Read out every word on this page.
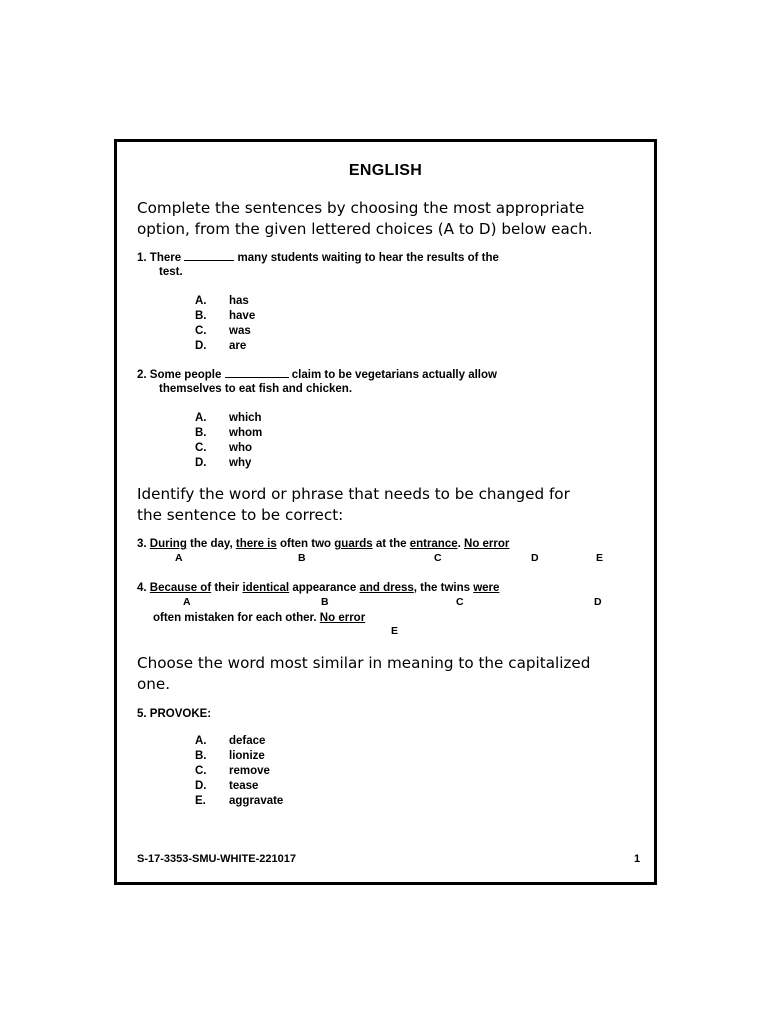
ENGLISH
Complete the sentences by choosing the most appropriate
option, from the given lettered choices (A to D) below each.
1. There	many students waiting to hear the results of the
test.
A. has
B. have
C. was
D. are
2. Some people	claim to be vegetarians actually allow
themselves to eat fish and chicken.
A. which
B. whom
C. who
D. why
Identify the word or phrase that needs to be changed for
the sentence to be correct:
3. During the day, there is often two guards at the entrance. No error
A	B	C	D	E
4. Because of their identical appearance and dress, the twins were
A	B	C	D
often mistaken for each other. No error
E
Choose the word most similar in meaning to the capitalized
one.
5. PROVOKE:
A. deface
B. lionize
C. remove
D. tease
E. aggravate
S-17-3353-SMU-WHITE-221017	1
